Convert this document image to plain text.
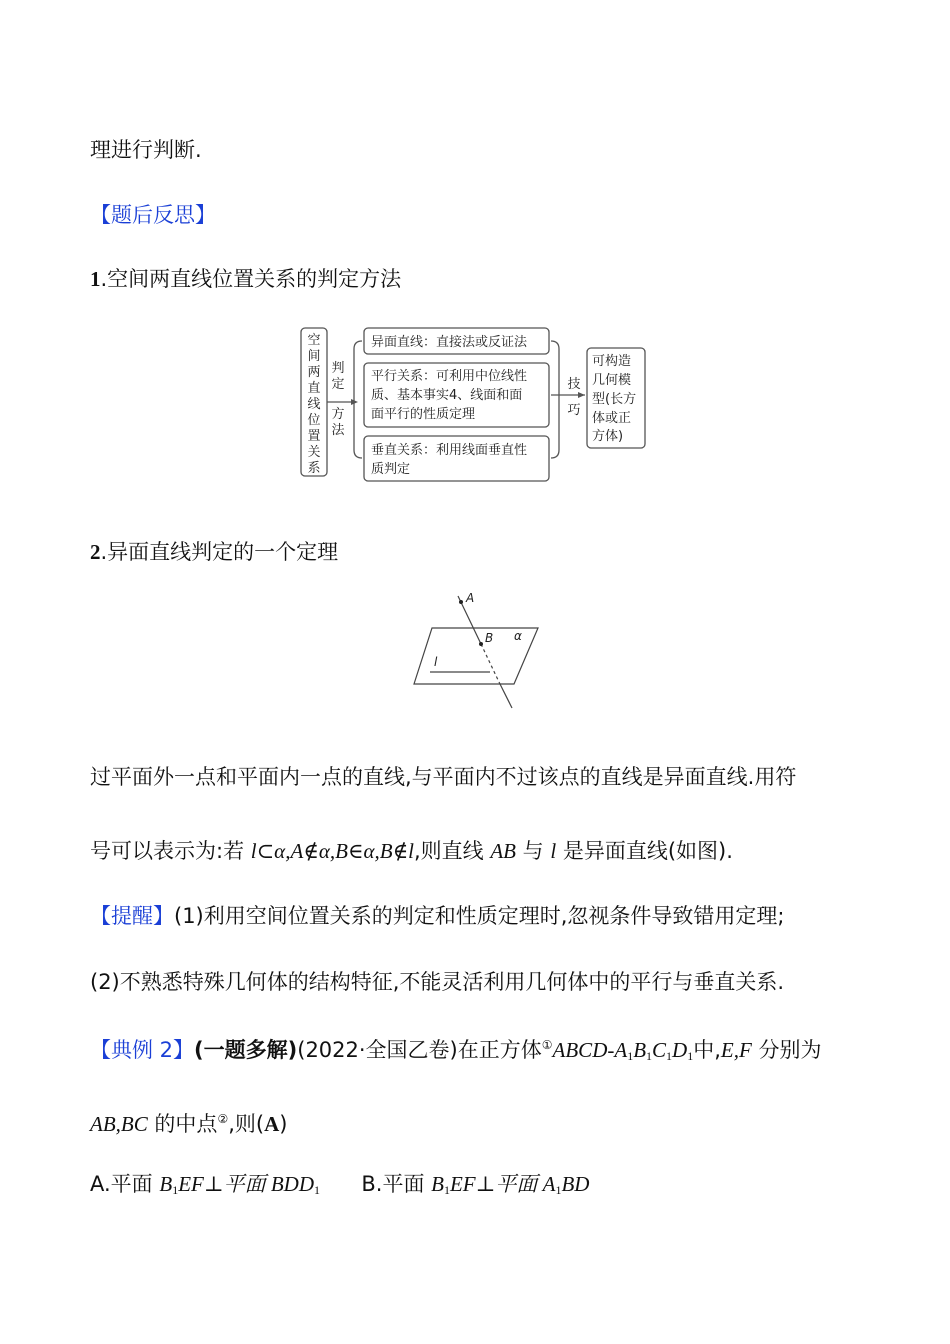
理进行判断.
【题后反思】
1.空间两直线位置关系的判定方法
空
间
两
直
线
位
置
关
系
判
定
方
法
异面直线：直接法或反证法
平行关系：可利用中位线性
质、基本事实4、线面和面
面平行的性质定理
垂直关系：利用线面垂直性
质判定
技
巧
可构造
几何模
型(长方
体或正
方体)
2.异面直线判定的一个定理
A
B α
l
过平面外一点和平面内一点的直线,与平面内不过该点的直线是异面直线.用符
号可以表示为:若 l⊂α,A∉α,B∈α,B∉l,则直线 AB 与 l 是异面直线(如图).
【提醒】(1)利用空间位置关系的判定和性质定理时,忽视条件导致错用定理;
(2)不熟悉特殊几何体的结构特征,不能灵活利用几何体中的平行与垂直关系.
【典例 2】(一题多解)(2022·全国乙卷)在正方体$^①ABCD-A_1B_1C_1D_1$中,E,F 分别为
AB,BC 的中点②,则(A)
A.平面 $B_1EF\perp$平面 $BDD_1$ B.平面 $B_1EF\perp$平面 $A_1BD$
